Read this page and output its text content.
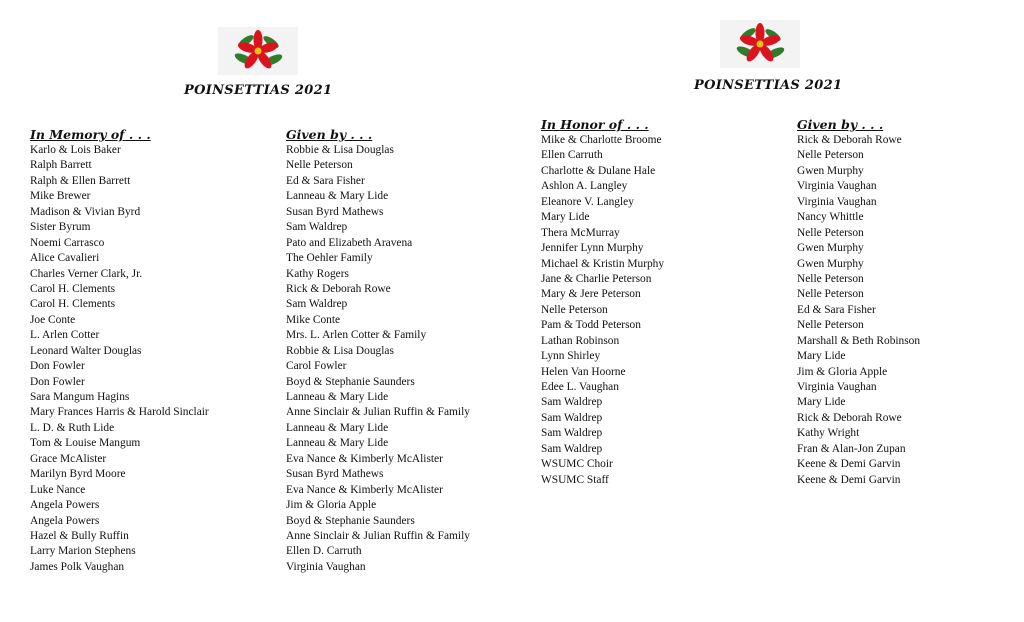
POINSETTIAS 2021	POINSETTIAS 2021
In Memory of . . .
Karlo & Lois Baker
Ralph Barrett
Ralph & Ellen Barrett
Mike Brewer
Madison & Vivian Byrd
Sister Byrum
Noemi Carrasco
Alice Cavalieri
Charles Verner Clark, Jr.
Carol H. Clements
Carol H. Clements
Joe Conte
L. Arlen Cotter
Leonard Walter Douglas
Don Fowler
Don Fowler
Sara Mangum Hagins
Mary Frances Harris & Harold Sinclair
L. D. & Ruth Lide
Tom & Louise Mangum
Grace McAlister
Marilyn Byrd Moore
Luke Nance
Angela Powers
Angela Powers
Hazel & Bully Ruffin
Larry Marion Stephens
James Polk Vaughan
Given by . . .
Robbie & Lisa Douglas
Nelle Peterson
Ed & Sara Fisher
Lanneau & Mary Lide
Susan Byrd Mathews
Sam Waldrep
Pato and Elizabeth Aravena
The Oehler Family
Kathy Rogers
Rick & Deborah Rowe
Sam Waldrep
Mike Conte
Mrs. L. Arlen Cotter & Family
Robbie & Lisa Douglas
Carol Fowler
Boyd & Stephanie Saunders
Lanneau & Mary Lide
Anne Sinclair & Julian Ruffin & Family
Lanneau & Mary Lide
Lanneau & Mary Lide
Eva Nance & Kimberly McAlister
Susan Byrd Mathews
Eva Nance & Kimberly McAlister
Jim & Gloria Apple
Boyd & Stephanie Saunders
Anne Sinclair & Julian Ruffin & Family
Ellen D. Carruth
Virginia Vaughan
In Honor of . . .
Mike & Charlotte Broome
Ellen Carruth
Charlotte & Dulane Hale
Ashlon A. Langley
Eleanore V. Langley
Mary Lide
Thera McMurray
Jennifer Lynn Murphy
Michael & Kristin Murphy
Jane & Charlie Peterson
Mary & Jere Peterson
Nelle Peterson
Pam & Todd Peterson
Lathan Robinson
Lynn Shirley
Helen Van Hoorne
Edee L. Vaughan
Sam Waldrep
Sam Waldrep
Sam Waldrep
Sam Waldrep
WSUMC Choir
WSUMC Staff
Given by . . .
Rick & Deborah Rowe
Nelle Peterson
Gwen Murphy
Virginia Vaughan
Virginia Vaughan
Nancy Whittle
Nelle Peterson
Gwen Murphy
Gwen Murphy
Nelle Peterson
Nelle Peterson
Ed & Sara Fisher
Nelle Peterson
Marshall & Beth Robinson
Mary Lide
Jim & Gloria Apple
Virginia Vaughan
Mary Lide
Rick & Deborah Rowe
Kathy Wright
Fran & Alan-Jon Zupan
Keene & Demi Garvin
Keene & Demi Garvin
